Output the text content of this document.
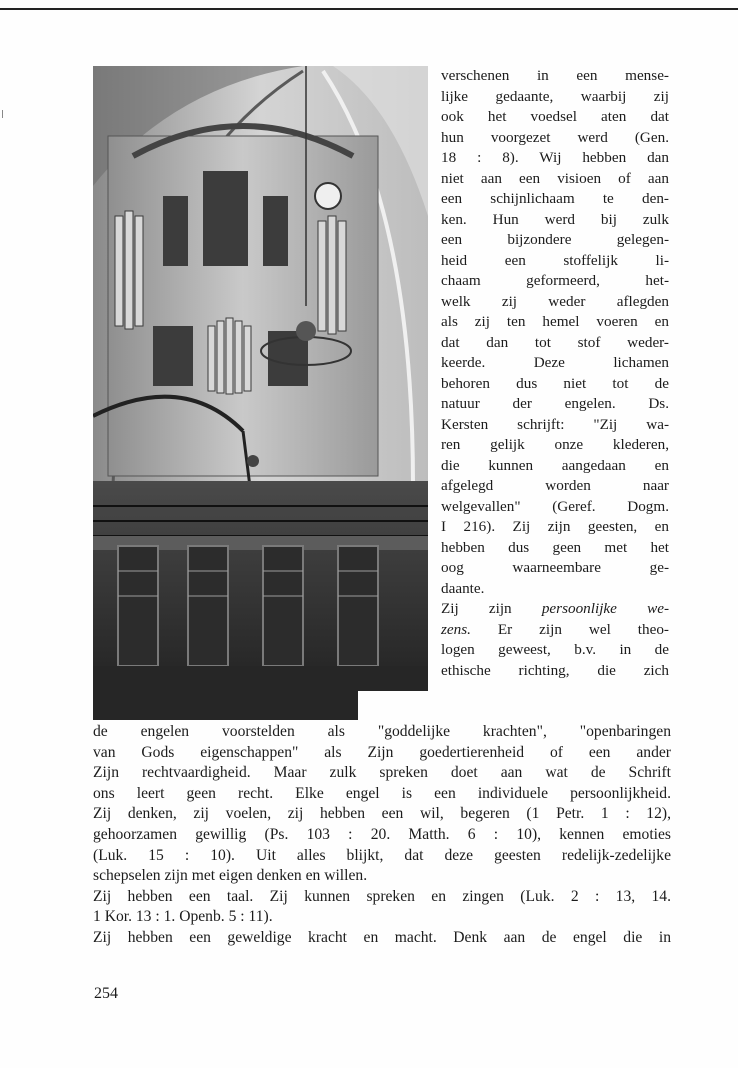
verschenen in een mense-
lijke gedaante, waarbij zij
ook het voedsel aten dat
hun voorgezet werd (Gen.
18 : 8). Wij hebben dan
niet aan een visioen of aan
een schijnlichaam te den-
ken. Hun werd bij zulk
een bijzondere gelegen-
heid een stoffelijk li-
chaam geformeerd, het-
welk zij weder aflegden
als zij ten hemel voeren en
dat dan tot stof weder-
keerde. Deze lichamen
behoren dus niet tot de
natuur der engelen. Ds.
Kersten schrijft: "Zij wa-
ren gelijk onze klederen,
die kunnen aangedaan en
afgelegd worden naar
welgevallen" (Geref. Dogm.
I 216). Zij zijn geesten, en
hebben dus geen met het
oog waarneembare ge-
daante.

Zij zijn persoonlijke we-
zens. Er zijn wel theo-
logen geweest, b.v. in de
ethische richting, die zich

de engelen voorstelden als "goddelijke krachten", "openbaringen
van Gods eigenschappen" als Zijn goedertierenheid of een ander
Zijn rechtvaardigheid. Maar zulk spreken doet aan wat de Schrift
ons leert geen recht. Elke engel is een individuele persoonlijkheid.
Zij denken, zij voelen, zij hebben een wil, begeren (1 Petr. 1 : 12),
gehoorzamen gewillig (Ps. 103 : 20. Matth. 6 : 10), kennen emoties
(Luk. 15 : 10). Uit alles blijkt, dat deze geesten redelijk-zedelijke
schepselen zijn met eigen denken en willen.
Zij hebben een taal. Zij kunnen spreken en zingen (Luk. 2 : 13, 14.
1 Kor. 13 : 1. Openb. 5 : 11).
Zij hebben een geweldige kracht en macht. Denk aan de engel die in
254
